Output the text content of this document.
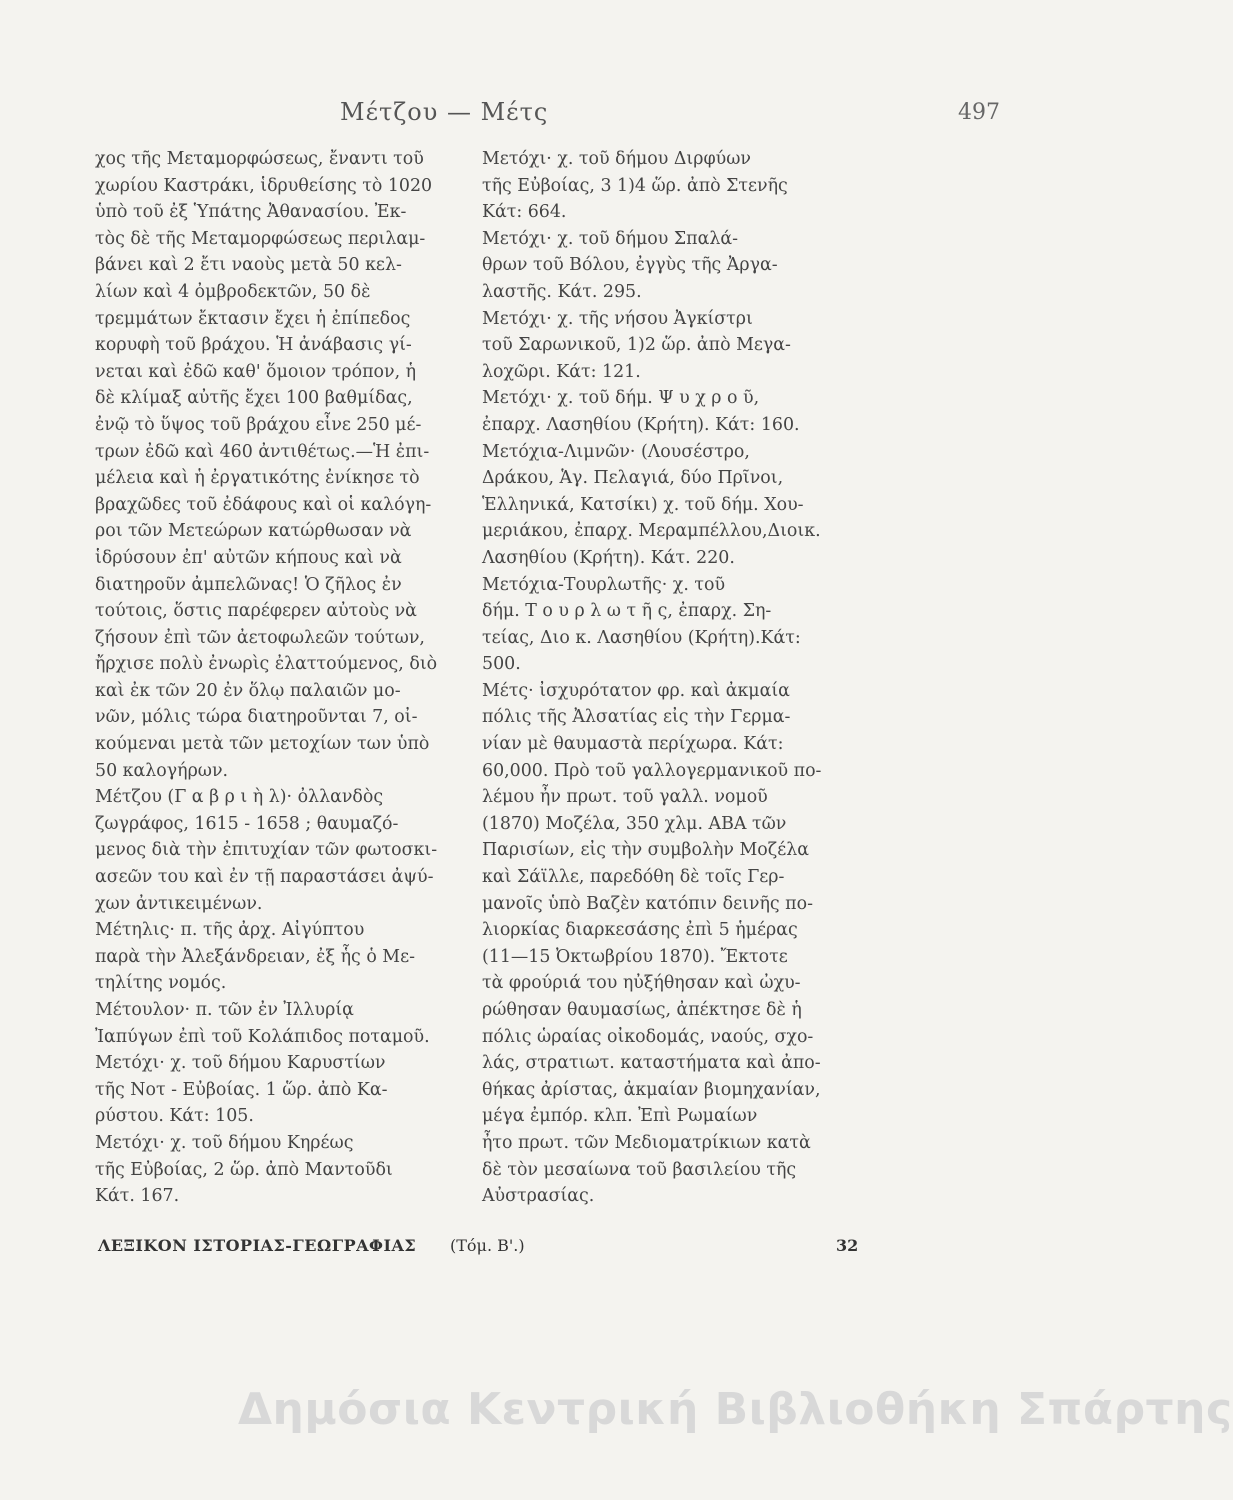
Μέτζου — Μέτς	497
χος τῆς Μεταμορφώσεως, ἔναντι τοῦ
χωρίου Καστράκι, ἱδρυθείσης τὸ 1020
ὑπὸ τοῦ ἐξ Ὑπάτης Ἀθανασίου. Ἐκ-
τὸς δὲ τῆς Μεταμορφώσεως περιλαμ-
βάνει καὶ 2 ἔτι ναοὺς μετὰ 50 κελ-
λίων καὶ 4 ὀμβροδεκτῶν, 50 δὲ
τρεμμάτων ἔκτασιν ἔχει ἡ ἐπίπεδος
κορυφὴ τοῦ βράχου. Ἡ ἀνάβασις γί-
νεται καὶ ἐδῶ καθ' ὅμοιον τρόπον, ἡ
δὲ κλίμαξ αὐτῆς ἔχει 100 βαθμίδας,
ἐνῷ τὸ ὕψος τοῦ βράχου εἶνε 250 μέ-
τρων ἐδῶ καὶ 460 ἀντιθέτως.—Ἡ ἐπι-
μέλεια καὶ ἡ ἐργατικότης ἐνίκησε τὸ
βραχῶδες τοῦ ἐδάφους καὶ οἱ καλόγη-
ροι τῶν Μετεώρων κατώρθωσαν νὰ
ἱδρύσουν ἐπ' αὐτῶν κήπους καὶ νὰ
διατηροῦν ἀμπελῶνας! Ὁ ζῆλος ἐν
τούτοις, ὅστις παρέφερεν αὐτοὺς νὰ
ζήσουν ἐπὶ τῶν ἀετοφωλεῶν τούτων,
ἤρχισε πολὺ ἐνωρὶς ἐλαττούμενος, διὸ
καὶ ἐκ τῶν 20 ἐν ὅλῳ παλαιῶν μο-
νῶν, μόλις τώρα διατηροῦνται 7, οἰ-
κούμεναι μετὰ τῶν μετοχίων των ὑπὸ
50 καλογήρων.
Μέτζου (Γ α β ρ ι ὴ λ)· ὀλλανδὸς
ζωγράφος, 1615 - 1658 ; θαυμαζό-
μενος διὰ τὴν ἐπιτυχίαν τῶν φωτοσκι-
ασεῶν του καὶ ἐν τῇ παραστάσει ἀψύ-
χων ἀντικειμένων.
Μέτηλις· π. τῆς ἀρχ. Αἰγύπτου
παρὰ τὴν Ἀλεξάνδρειαν, ἐξ ἧς ὁ Με-
τηλίτης νομός.
Μέτουλον· π. τῶν ἐν Ἰλλυρίᾳ
Ἰαπύγων ἐπὶ τοῦ Κολάπιδος ποταμοῦ.
Μετόχι· χ. τοῦ δήμου Καρυστίων
τῆς Νοτ - Εὐβοίας. 1 ὥρ. ἀπὸ Κα-
ρύστου. Κάτ: 105.
Μετόχι· χ. τοῦ δήμου Κηρέως
τῆς Εὐβοίας, 2 ὥρ. ἀπὸ Μαντοῦδι
Κάτ. 167.
Μετόχι· χ. τοῦ δήμου Διρφύων
τῆς Εὐβοίας, 3 1)4 ὥρ. ἀπὸ Στενῆς
Κάτ: 664.
Μετόχι· χ. τοῦ δήμου Σπαλά-
θρων τοῦ Βόλου, ἐγγὺς τῆς Ἀργα-
λαστῆς. Κάτ. 295.
Μετόχι· χ. τῆς νήσου Ἀγκίστρι
τοῦ Σαρωνικοῦ, 1)2 ὥρ. ἀπὸ Μεγα-
λοχῶρι. Κάτ: 121.
Μετόχι· χ. τοῦ δήμ. Ψ υ χ ρ ο ῦ,
ἐπαρχ. Λασηθίου (Κρήτη). Κάτ: 160.
Μετόχια-Λιμνῶν· (Λουσέστρο,
Δράκου, Ἁγ. Πελαγιά, δύο Πρῖνοι,
Ἑλληνικά, Κατσίκι) χ. τοῦ δήμ. Χου-
μεριάκου, ἐπαρχ. Μεραμπέλλου,Διοικ.
Λασηθίου (Κρήτη). Κάτ. 220.
Μετόχια-Τουρλωτῆς· χ. τοῦ
δήμ. Τ ο υ ρ λ ω τ ῆ ς, ἐπαρχ. Ση-
τείας, Διο κ. Λασηθίου (Κρήτη).Κάτ:
500.
Μέτς· ἰσχυρότατον φρ. καὶ ἀκμαία
πόλις τῆς Ἀλσατίας εἰς τὴν Γερμα-
νίαν μὲ θαυμαστὰ περίχωρα. Κάτ:
60,000. Πρὸ τοῦ γαλλογερμανικοῦ πο-
λέμου ἦν πρωτ. τοῦ γαλλ. νομοῦ
(1870) Μοζέλα, 350 χλμ. ΑΒΑ τῶν
Παρισίων, εἰς τὴν συμβολὴν Μοζέλα
καὶ Σάϊλλε, παρεδόθη δὲ τοῖς Γερ-
μανοῖς ὑπὸ Βαζὲν κατόπιν δεινῆς πο-
λιορκίας διαρκεσάσης ἐπὶ 5 ἡμέρας
(11—15 Ὀκτωβρίου 1870). Ἔκτοτε
τὰ φρούριά του ηὐξήθησαν καὶ ὠχυ-
ρώθησαν θαυμασίως, ἀπέκτησε δὲ ἡ
πόλις ὡραίας οἰκοδομάς, ναούς, σχο-
λάς, στρατιωτ. καταστήματα καὶ ἀπο-
θήκας ἀρίστας, ἀκμαίαν βιομηχανίαν,
μέγα ἐμπόρ. κλπ. Ἐπὶ Ρωμαίων
ἦτο πρωτ. τῶν Μεδιοματρίκιων κατὰ
δὲ τὸν μεσαίωνα τοῦ βασιλείου τῆς
Αὐστρασίας.
ΛΕΞΙΚΟΝ ΙΣΤΟΡΙΑΣ-ΓΕΩΓΡΑΦΙΑΣ (Τόμ. Β'.)	32
Δημόσια Κεντρική Βιβλιοθήκη Σπάρτης
